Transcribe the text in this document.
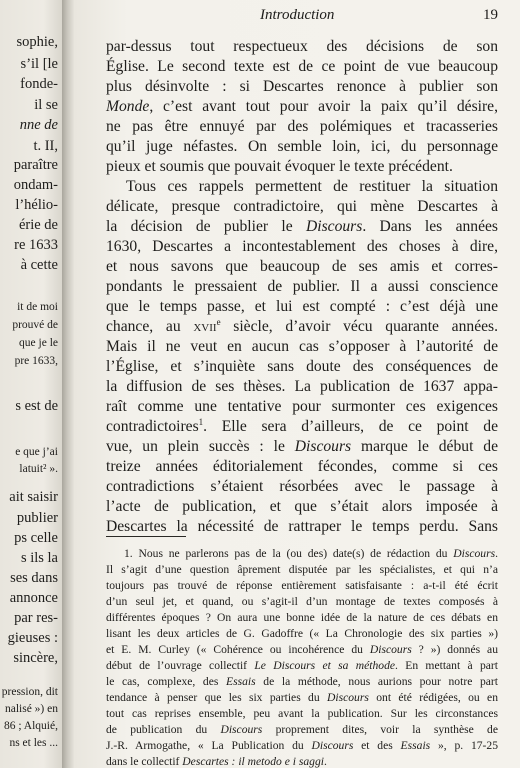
sophie,
s’il [le
fonde-
il se
nne de
t. II,
paraître
ondam-
l’hélio-
érie de
re 1633
à cette
it de moi
prouvé de
que je le
pre 1633,
s est de
e que j’ai
latuit² ».
ait saisir
publier
ps celle
s ils la
ses dans
annonce
par res-
gieuses :
sincère,
pression, dit
nalisé ») en
86 ; Alquié,
ns et les ...
Introduction	19
par-dessus tout respectueux des décisions de son
Église. Le second texte est de ce point de vue beaucoup
plus désinvolte : si Descartes renonce à publier son
Monde, c’est avant tout pour avoir la paix qu’il désire,
ne pas être ennuyé par des polémiques et tracasseries
qu’il juge néfastes. On semble loin, ici, du personnage
pieux et soumis que pouvait évoquer le texte précédent.
Tous ces rappels permettent de restituer la situation
délicate, presque contradictoire, qui mène Descartes à
la décision de publier le Discours. Dans les années
1630, Descartes a incontestablement des choses à dire,
et nous savons que beaucoup de ses amis et corres-
pondants le pressaient de publier. Il a aussi conscience
que le temps passe, et lui est compté : c’est déjà une
chance, au xvii$^e$ siècle, d’avoir vécu quarante années.
Mais il ne veut en aucun cas s’opposer à l’autorité de
l’Église, et s’inquiète sans doute des conséquences de
la diffusion de ses thèses. La publication de 1637 appa-
raît comme une tentative pour surmonter ces exigences
contradictoires$^1$. Elle sera d’ailleurs, de ce point de
vue, un plein succès : le Discours marque le début de
treize années éditorialement fécondes, comme si ces
contradictions s’étaient résorbées avec le passage à
l’acte de publication, et que s’était alors imposée à
Descartes la nécessité de rattraper le temps perdu. Sans
1. Nous ne parlerons pas de la (ou des) date(s) de rédaction du Discours.
Il s’agit d’une question âprement disputée par les spécialistes, et qui n’a
toujours pas trouvé de réponse entièrement satisfaisante : a-t-il été écrit
d’un seul jet, et quand, ou s’agit-il d’un montage de textes composés à
différentes époques ? On aura une bonne idée de la nature de ces débats en
lisant les deux articles de G. Gadoffre (« La Chronologie des six parties »)
et E. M. Curley (« Cohérence ou incohérence du Discours ? ») donnés au
début de l’ouvrage collectif Le Discours et sa méthode. En mettant à part
le cas, complexe, des Essais de la méthode, nous aurions pour notre part
tendance à penser que les six parties du Discours ont été rédigées, ou en
tout cas reprises ensemble, peu avant la publication. Sur les circonstances
de publication du Discours proprement dites, voir la synthèse de
J.-R. Armogathe, « La Publication du Discours et des Essais », p. 17-25
dans le collectif Descartes : il metodo e i saggi.
